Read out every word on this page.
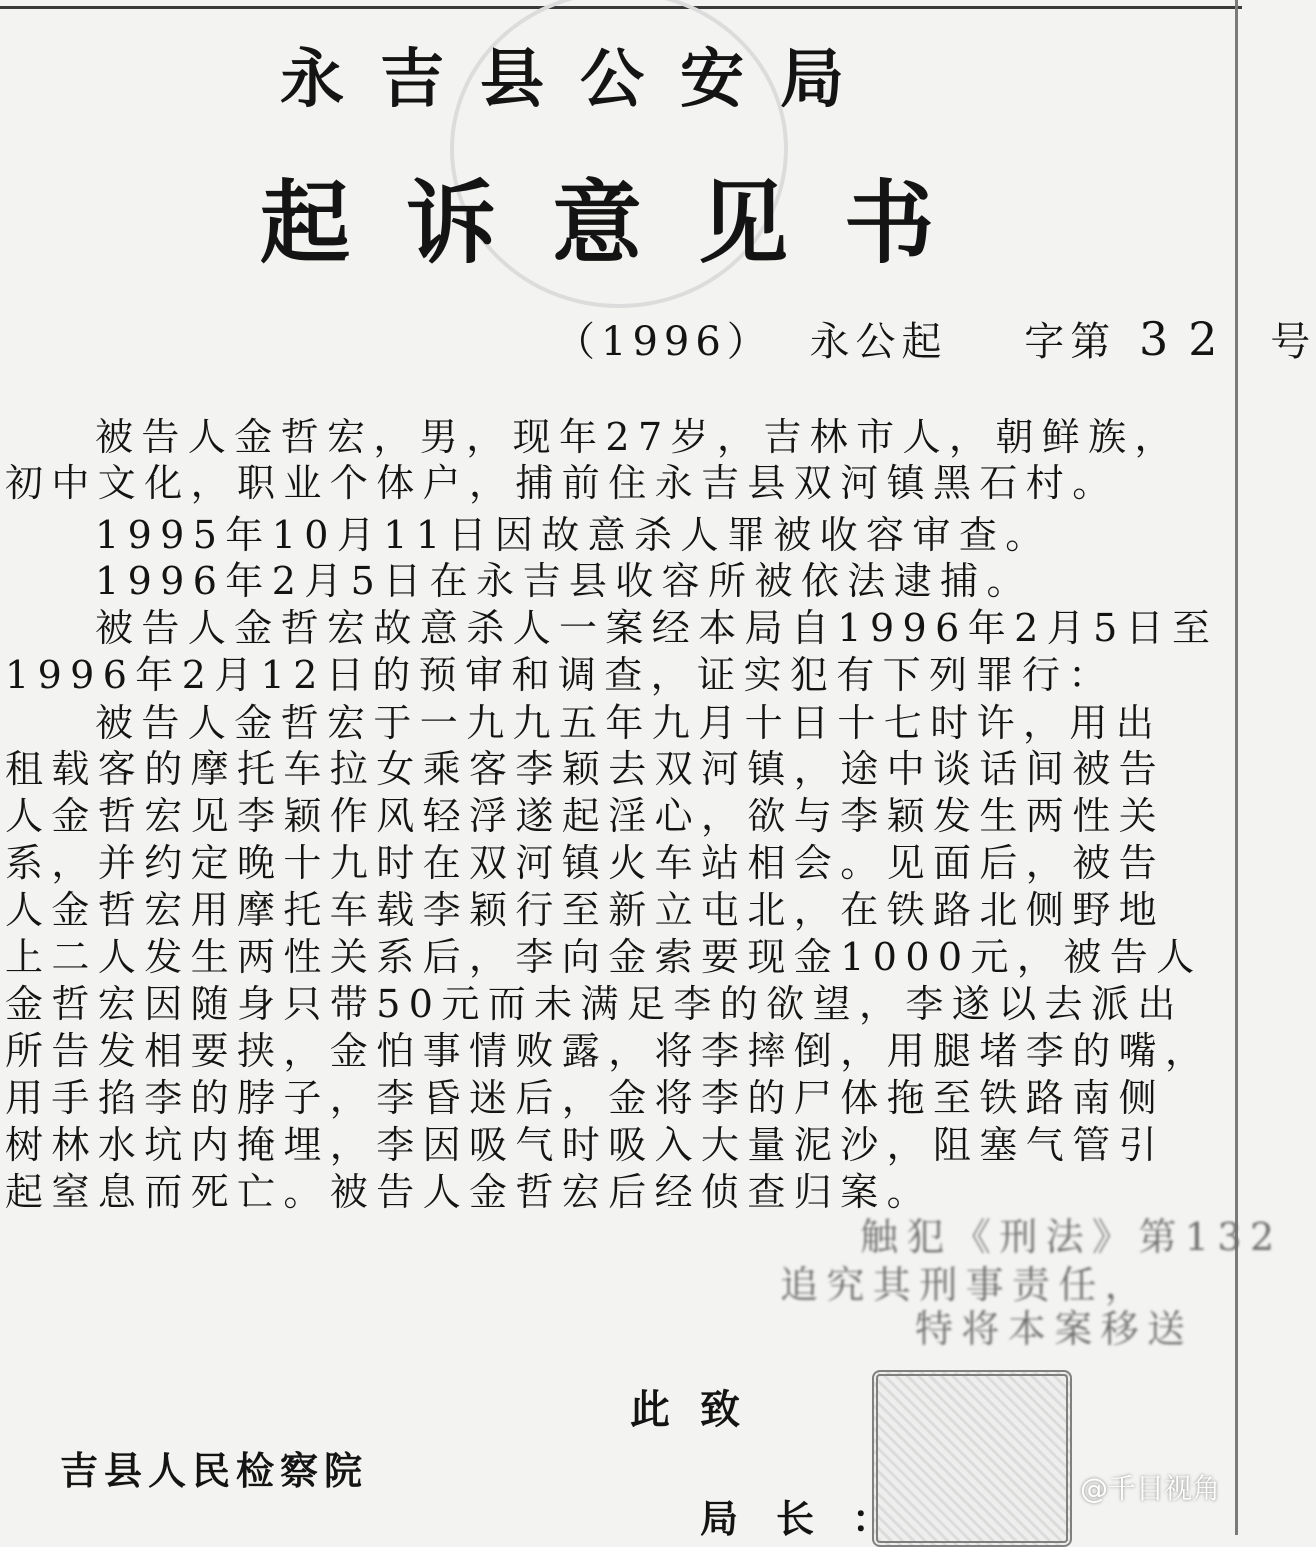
永吉县公安局
起诉意见书
（1996） 永公起 字第 32 号
被告人金哲宏，男，现年27岁，吉林市人，朝鲜族，
初中文化，职业个体户，捕前住永吉县双河镇黑石村。
1995年10月11日因故意杀人罪被收容审查。
1996年2月5日在永吉县收容所被依法逮捕。
被告人金哲宏故意杀人一案经本局自1996年2月5日至
1996年2月12日的预审和调查，证实犯有下列罪行：
被告人金哲宏于一九九五年九月十日十七时许，用出
租载客的摩托车拉女乘客李颖去双河镇，途中谈话间被告
人金哲宏见李颖作风轻浮遂起淫心，欲与李颖发生两性关
系，并约定晚十九时在双河镇火车站相会。见面后，被告
人金哲宏用摩托车载李颖行至新立屯北，在铁路北侧野地
上二人发生两性关系后，李向金索要现金1000元，被告人
金哲宏因随身只带50元而未满足李的欲望，李遂以去派出
所告发相要挟，金怕事情败露，将李摔倒，用腿堵李的嘴，
用手掐李的脖子，李昏迷后，金将李的尸体拖至铁路南侧
树林水坑内掩埋，李因吸气时吸入大量泥沙，阻塞气管引
起窒息而死亡。被告人金哲宏后经侦查归案。
触犯《刑法》第132
追究其刑事责任，
特将本案移送
此致
吉县人民检察院
局长：
@千目视角
